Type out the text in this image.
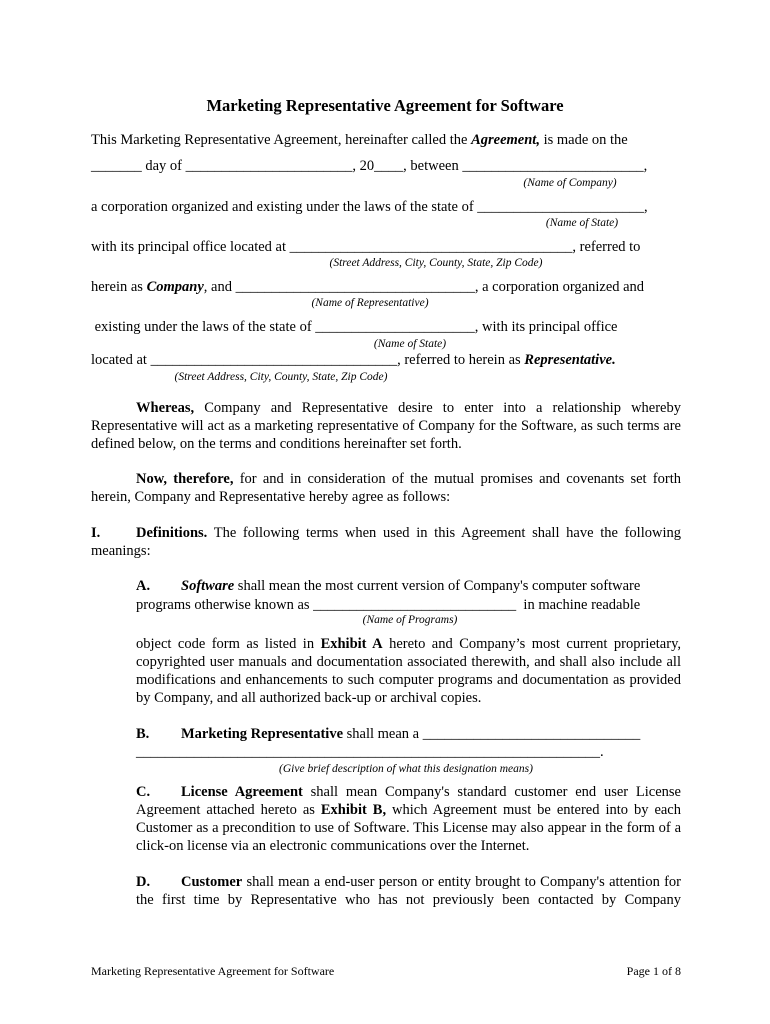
Marketing Representative Agreement for Software
This Marketing Representative Agreement, hereinafter called the Agreement, is made on the
_______ day of _______________________, 20____, between _________________________,
(Name of Company)
a corporation organized and existing under the laws of the state of _______________________,
(Name of State)
with its principal office located at _______________________________________, referred to
(Street Address, City, County, State, Zip Code)
herein as Company, and _________________________________, a corporation organized and
(Name of Representative)
existing under the laws of the state of ______________________, with its principal office
(Name of State)
located at __________________________________, referred to herein as Representative.
(Street Address, City, County, State, Zip Code)
Whereas, Company and Representative desire to enter into a relationship whereby Representative will act as a marketing representative of Company for the Software, as such terms are defined below, on the terms and conditions hereinafter set forth.
Now, therefore, for and in consideration of the mutual promises and covenants set forth herein, Company and Representative hereby agree as follows:
I.	Definitions. The following terms when used in this Agreement shall have the following meanings:
A. Software shall mean the most current version of Company's computer software
programs otherwise known as ____________________________  in machine readable
(Name of Programs)
object code form as listed in Exhibit A hereto and Company’s most current proprietary, copyrighted user manuals and documentation associated therewith, and shall also include all modifications and enhancements to such computer programs and documentation as provided by Company, and all authorized back-up or archival copies.
B. Marketing Representative shall mean a ______________________________
________________________________________________________________.
(Give brief description of what this designation means)
C.	License Agreement shall mean Company's standard customer end user License Agreement attached hereto as Exhibit B, which Agreement must be entered into by each Customer as a precondition to use of Software. This License may also appear in the form of a click-on license via an electronic communications over the Internet.
D.	Customer shall mean a end-user person or entity brought to Company's attention for the first time by Representative who has not previously been contacted by Company
Marketing Representative Agreement for Software	Page 1 of 8
